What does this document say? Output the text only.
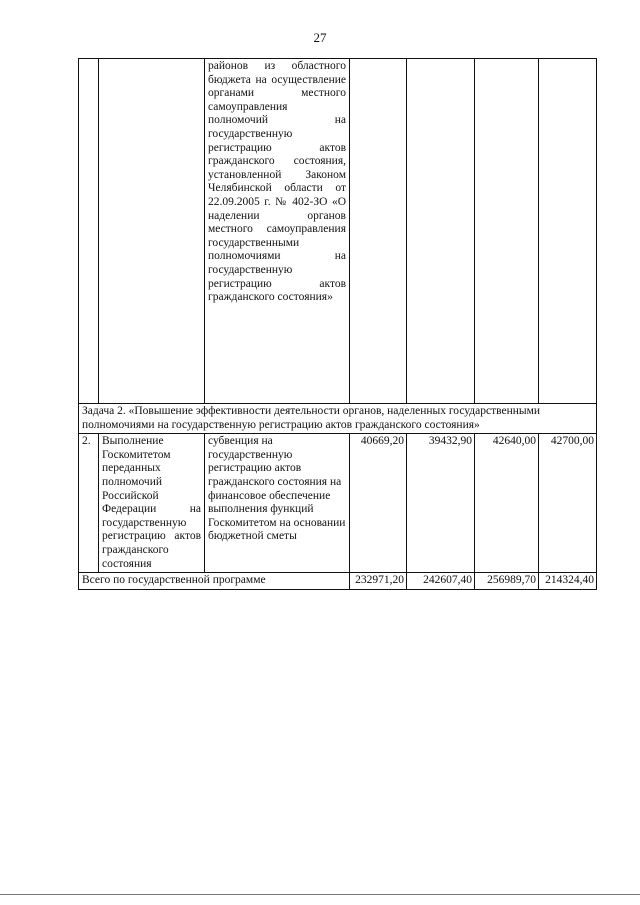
27
		районов из областного бюджета на осуществление органами местного самоуправления полномочий на государственную регистрацию актов гражданского состояния, установленной Законом Челябинской области от 22.09.2005 г. № 402-ЗО «О наделении органов местного самоуправления государственными полномочиями на государственную регистрацию актов гражданского состояния»				
Задача 2. «Повышение эффективности деятельности органов, наделенных государственными полномочиями на государственную регистрацию актов гражданского состояния»						
2.	Выполнение Госкомитетом переданных полномочий Российской Федерации на государственную регистрацию актов гражданского состояния	субвенция на государственную регистрацию актов гражданского состояния на финансовое обеспечение выполнения функций Госкомитетом на основании бюджетной сметы	40669,20	39432,90	42640,00	42700,00
Всего по государственной программе			232971,20	242607,40	256989,70	214324,40
